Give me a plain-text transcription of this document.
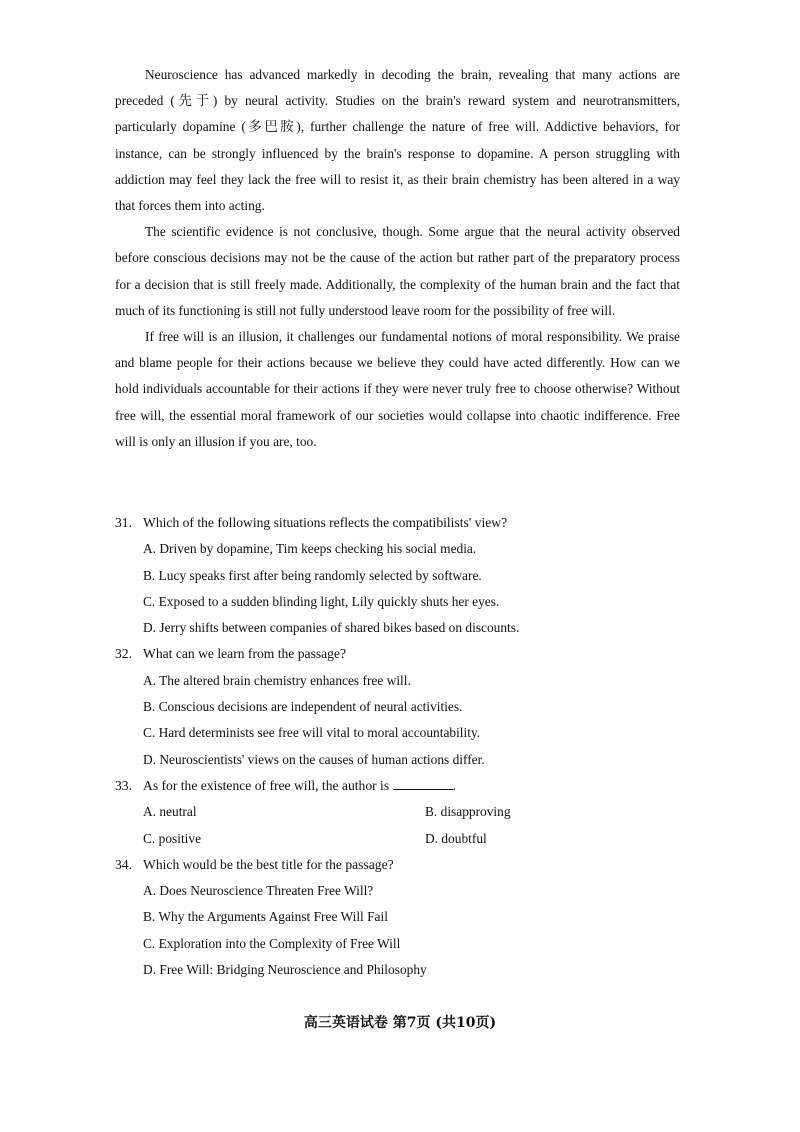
Neuroscience has advanced markedly in decoding the brain, revealing that many actions are preceded (先于) by neural activity. Studies on the brain's reward system and neurotransmitters, particularly dopamine (多巴胺), further challenge the nature of free will. Addictive behaviors, for instance, can be strongly influenced by the brain's response to dopamine. A person struggling with addiction may feel they lack the free will to resist it, as their brain chemistry has been altered in a way that forces them into acting.

The scientific evidence is not conclusive, though. Some argue that the neural activity observed before conscious decisions may not be the cause of the action but rather part of the preparatory process for a decision that is still freely made. Additionally, the complexity of the human brain and the fact that much of its functioning is still not fully understood leave room for the possibility of free will.

If free will is an illusion, it challenges our fundamental notions of moral responsibility. We praise and blame people for their actions because we believe they could have acted differently. How can we hold individuals accountable for their actions if they were never truly free to choose otherwise? Without free will, the essential moral framework of our societies would collapse into chaotic indifference. Free will is only an illusion if you are, too.

31. Which of the following situations reflects the compatibilists' view?
A. Driven by dopamine, Tim keeps checking his social media.
B. Lucy speaks first after being randomly selected by software.
C. Exposed to a sudden blinding light, Lily quickly shuts her eyes.
D. Jerry shifts between companies of shared bikes based on discounts.
32. What can we learn from the passage?
A. The altered brain chemistry enhances free will.
B. Conscious decisions are independent of neural activities.
C. Hard determinists see free will vital to moral accountability.
D. Neuroscientists' views on the causes of human actions differ.
33. As for the existence of free will, the author is	.
A. neutral	B. disapproving
C. positive	D. doubtful
34. Which would be the best title for the passage?
A. Does Neuroscience Threaten Free Will?
B. Why the Arguments Against Free Will Fail
C. Exploration into the Complexity of Free Will
D. Free Will: Bridging Neuroscience and Philosophy
高三英语试卷 第7页 (共10页)
